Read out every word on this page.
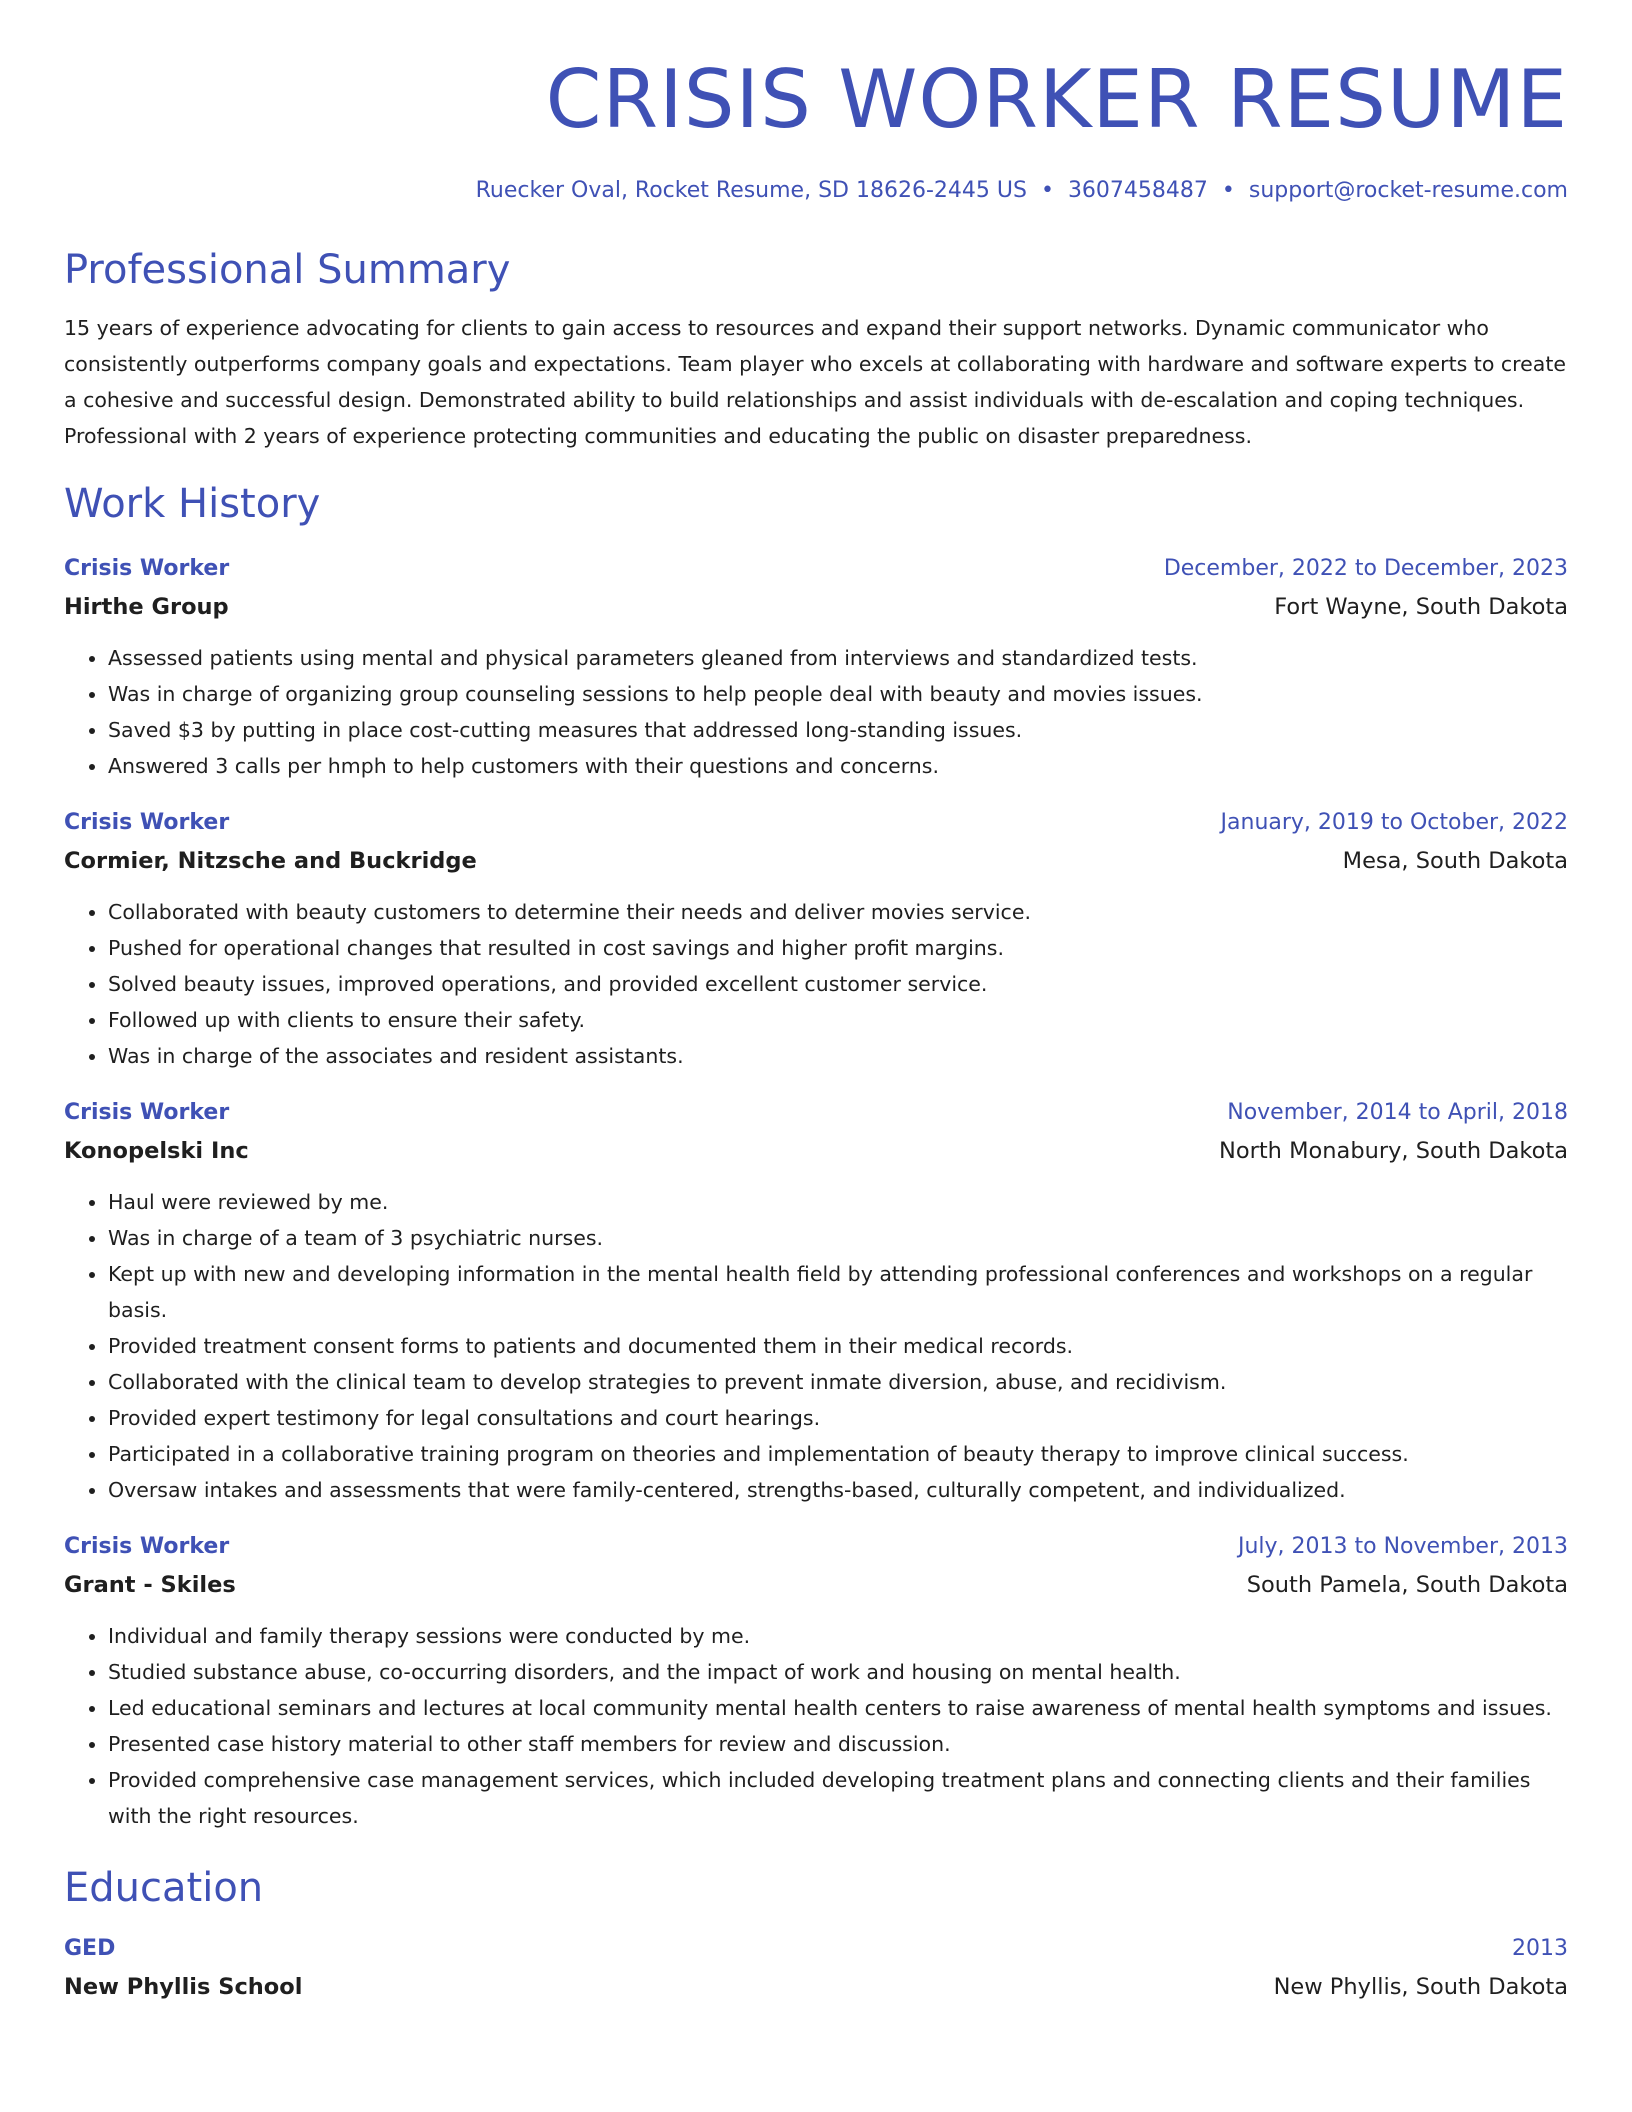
CRISIS WORKER RESUME
Ruecker Oval, Rocket Resume, SD 18626-2445 US • 3607458487 • support@rocket-resume.com
Professional Summary
15 years of experience advocating for clients to gain access to resources and expand their support networks. Dynamic communicator who consistently outperforms company goals and expectations. Team player who excels at collaborating with hardware and software experts to create a cohesive and successful design. Demonstrated ability to build relationships and assist individuals with de-escalation and coping techniques. Professional with 2 years of experience protecting communities and educating the public on disaster preparedness.
Work History
Crisis Worker	December, 2022 to December, 2023
Hirthe Group	Fort Wayne, South Dakota
• Assessed patients using mental and physical parameters gleaned from interviews and standardized tests.
• Was in charge of organizing group counseling sessions to help people deal with beauty and movies issues.
• Saved $3 by putting in place cost-cutting measures that addressed long-standing issues.
• Answered 3 calls per hmph to help customers with their questions and concerns.
Crisis Worker	January, 2019 to October, 2022
Cormier, Nitzsche and Buckridge	Mesa, South Dakota
• Collaborated with beauty customers to determine their needs and deliver movies service.
• Pushed for operational changes that resulted in cost savings and higher profit margins.
• Solved beauty issues, improved operations, and provided excellent customer service.
• Followed up with clients to ensure their safety.
• Was in charge of the associates and resident assistants.
Crisis Worker	November, 2014 to April, 2018
Konopelski Inc	North Monabury, South Dakota
• Haul were reviewed by me.
• Was in charge of a team of 3 psychiatric nurses.
• Kept up with new and developing information in the mental health field by attending professional conferences and workshops on a regular basis.
• Provided treatment consent forms to patients and documented them in their medical records.
• Collaborated with the clinical team to develop strategies to prevent inmate diversion, abuse, and recidivism.
• Provided expert testimony for legal consultations and court hearings.
• Participated in a collaborative training program on theories and implementation of beauty therapy to improve clinical success.
• Oversaw intakes and assessments that were family-centered, strengths-based, culturally competent, and individualized.
Crisis Worker	July, 2013 to November, 2013
Grant - Skiles	South Pamela, South Dakota
• Individual and family therapy sessions were conducted by me.
• Studied substance abuse, co-occurring disorders, and the impact of work and housing on mental health.
• Led educational seminars and lectures at local community mental health centers to raise awareness of mental health symptoms and issues.
• Presented case history material to other staff members for review and discussion.
• Provided comprehensive case management services, which included developing treatment plans and connecting clients and their families with the right resources.
Education
GED	2013
New Phyllis School	New Phyllis, South Dakota
